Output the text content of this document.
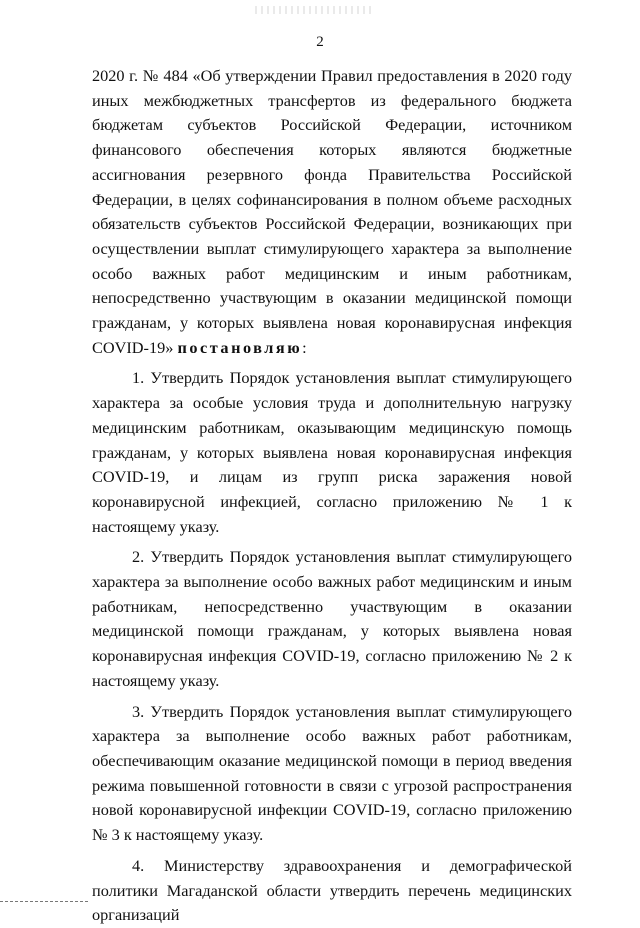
2

2020 г. № 484 «Об утверждении Правил предоставления в 2020 году иных межбюджетных трансфертов из федерального бюджета бюджетам субъектов Российской Федерации, источником финансового обеспечения которых являются бюджетные ассигнования резервного фонда Правительства Российской Федерации, в целях софинансирования в полном объеме расходных обязательств субъектов Российской Федерации, возникающих при осуществлении выплат стимулирующего характера за выполнение особо важных работ медицинским и иным работникам, непосредственно участвующим в оказании медицинской помощи гражданам, у которых выявлена новая коронавирусная инфекция COVID-19» постановляю:

1. Утвердить Порядок установления выплат стимулирующего характера за особые условия труда и дополнительную нагрузку медицинским работникам, оказывающим медицинскую помощь гражданам, у которых выявлена новая коронавирусная инфекция COVID-19, и лицам из групп риска заражения новой коронавирусной инфекцией, согласно приложению № 1 к настоящему указу.

2. Утвердить Порядок установления выплат стимулирующего характера за выполнение особо важных работ медицинским и иным работникам, непосредственно участвующим в оказании медицинской помощи гражданам, у которых выявлена новая коронавирусная инфекция COVID-19, согласно приложению № 2 к настоящему указу.

3. Утвердить Порядок установления выплат стимулирующего характера за выполнение особо важных работ работникам, обеспечивающим оказание медицинской помощи в период введения режима повышенной готовности в связи с угрозой распространения новой коронавирусной инфекции COVID-19, согласно приложению № 3 к настоящему указу.

4. Министерству здравоохранения и демографической политики Магаданской области утвердить перечень медицинских организаций
